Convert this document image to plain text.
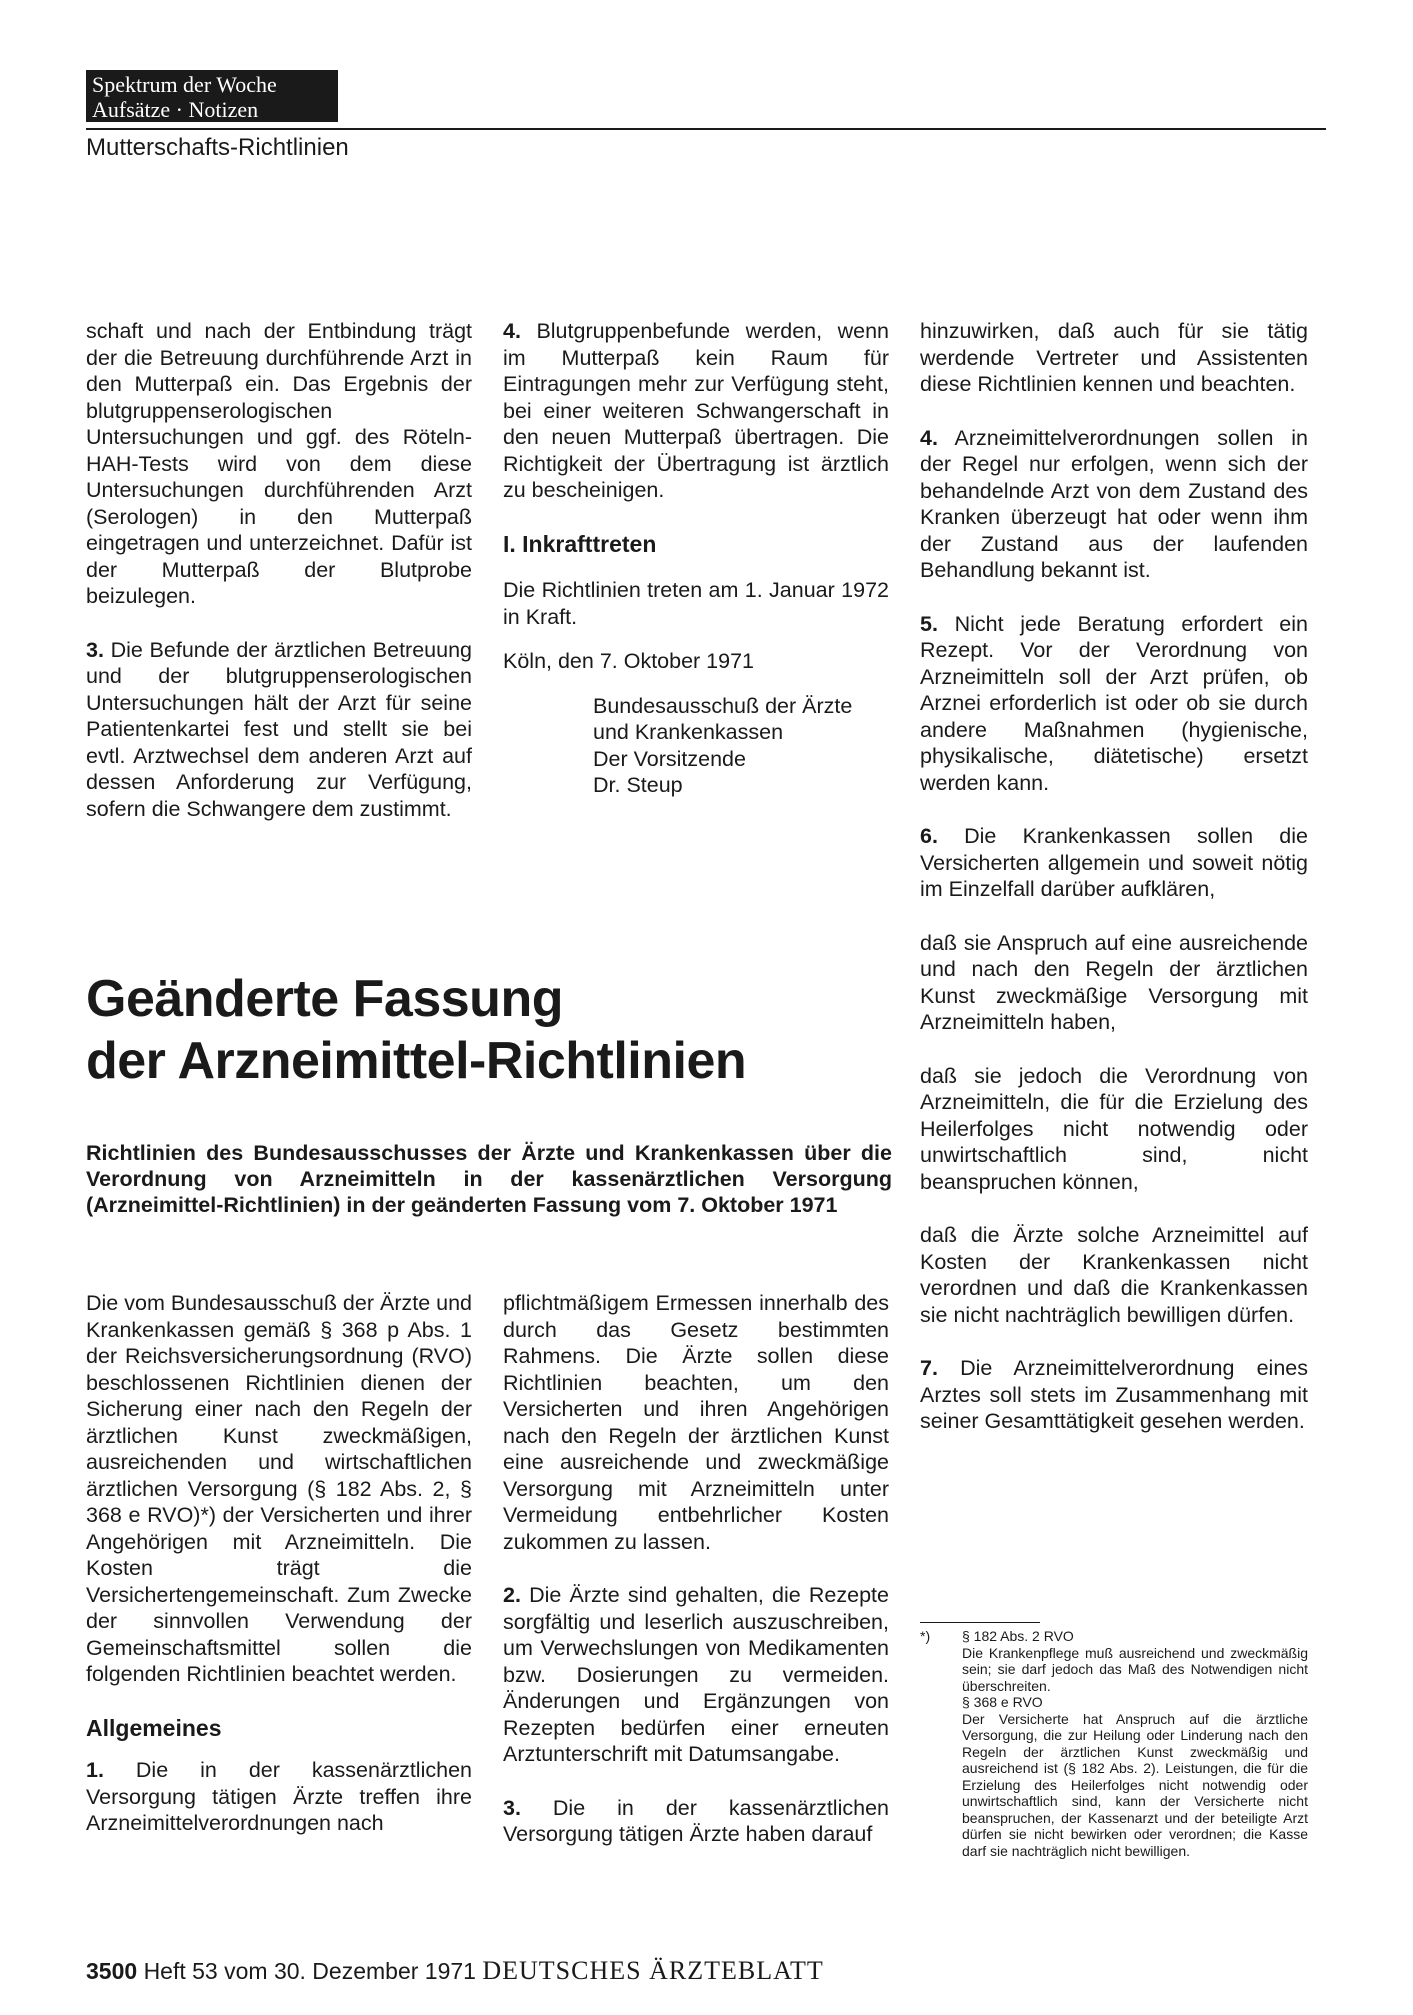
Spektrum der Woche
Aufsätze · Notizen
Mutterschafts-Richtlinien

schaft und nach der Entbindung trägt der die Betreuung durchführende Arzt in den Mutterpaß ein. Das Ergebnis der blutgruppenserologischen Untersuchungen und ggf. des Röteln-HAH-Tests wird von dem diese Untersuchungen durchführenden Arzt (Serologen) in den Mutterpaß eingetragen und unterzeichnet. Dafür ist der Mutterpaß der Blutprobe beizulegen.

3. Die Befunde der ärztlichen Betreuung und der blutgruppenserologischen Untersuchungen hält der Arzt für seine Patientenkartei fest und stellt sie bei evtl. Arztwechsel dem anderen Arzt auf dessen Anforderung zur Verfügung, sofern die Schwangere dem zustimmt.

4. Blutgruppenbefunde werden, wenn im Mutterpaß kein Raum für Eintragungen mehr zur Verfügung steht, bei einer weiteren Schwangerschaft in den neuen Mutterpaß übertragen. Die Richtigkeit der Übertragung ist ärztlich zu bescheinigen.

I. Inkrafttreten

Die Richtlinien treten am 1. Januar 1972 in Kraft.

Köln, den 7. Oktober 1971

Bundesausschuß der Ärzte
und Krankenkassen
Der Vorsitzende
Dr. Steup

hinzuwirken, daß auch für sie tätig werdende Vertreter und Assistenten diese Richtlinien kennen und beachten.

4. Arzneimittelverordnungen sollen in der Regel nur erfolgen, wenn sich der behandelnde Arzt von dem Zustand des Kranken überzeugt hat oder wenn ihm der Zustand aus der laufenden Behandlung bekannt ist.

5. Nicht jede Beratung erfordert ein Rezept. Vor der Verordnung von Arzneimitteln soll der Arzt prüfen, ob Arznei erforderlich ist oder ob sie durch andere Maßnahmen (hygienische, physikalische, diätetische) ersetzt werden kann.

6. Die Krankenkassen sollen die Versicherten allgemein und soweit nötig im Einzelfall darüber aufklären,

daß sie Anspruch auf eine ausreichende und nach den Regeln der ärztlichen Kunst zweckmäßige Versorgung mit Arzneimitteln haben,

daß sie jedoch die Verordnung von Arzneimitteln, die für die Erzielung des Heilerfolges nicht notwendig oder unwirtschaftlich sind, nicht beanspruchen können,

daß die Ärzte solche Arzneimittel auf Kosten der Krankenkassen nicht verordnen und daß die Krankenkassen sie nicht nachträglich bewilligen dürfen.

7. Die Arzneimittelverordnung eines Arztes soll stets im Zusammenhang mit seiner Gesamttätigkeit gesehen werden.

Geänderte Fassung
der Arzneimittel-Richtlinien
Richtlinien des Bundesausschusses der Ärzte und Krankenkassen über die Verordnung von Arzneimitteln in der kassenärztlichen Versorgung (Arzneimittel-Richtlinien) in der geänderten Fassung vom 7. Oktober 1971

Die vom Bundesausschuß der Ärzte und Krankenkassen gemäß § 368 p Abs. 1 der Reichsversicherungsordnung (RVO) beschlossenen Richtlinien dienen der Sicherung einer nach den Regeln der ärztlichen Kunst zweckmäßigen, ausreichenden und wirtschaftlichen ärztlichen Versorgung (§ 182 Abs. 2, § 368 e RVO)*) der Versicherten und ihrer Angehörigen mit Arzneimitteln. Die Kosten trägt die Versichertengemeinschaft. Zum Zwecke der sinnvollen Verwendung der Gemeinschaftsmittel sollen die folgenden Richtlinien beachtet werden.

Allgemeines

1. Die in der kassenärztlichen Versorgung tätigen Ärzte treffen ihre Arzneimittelverordnungen nach

pflichtmäßigem Ermessen innerhalb des durch das Gesetz bestimmten Rahmens. Die Ärzte sollen diese Richtlinien beachten, um den Versicherten und ihren Angehörigen nach den Regeln der ärztlichen Kunst eine ausreichende und zweckmäßige Versorgung mit Arzneimitteln unter Vermeidung entbehrlicher Kosten zukommen zu lassen.

2. Die Ärzte sind gehalten, die Rezepte sorgfältig und leserlich auszuschreiben, um Verwechslungen von Medikamenten bzw. Dosierungen zu vermeiden. Änderungen und Ergänzungen von Rezepten bedürfen einer erneuten Arztunterschrift mit Datumsangabe.

3. Die in der kassenärztlichen Versorgung tätigen Ärzte haben darauf

*) § 182 Abs. 2 RVO
Die Krankenpflege muß ausreichend und zweckmäßig sein; sie darf jedoch das Maß des Notwendigen nicht überschreiten.
§ 368 e RVO
Der Versicherte hat Anspruch auf die ärztliche Versorgung, die zur Heilung oder Linderung nach den Regeln der ärztlichen Kunst zweckmäßig und ausreichend ist (§ 182 Abs. 2). Leistungen, die für die Erzielung des Heilerfolges nicht notwendig oder unwirtschaftlich sind, kann der Versicherte nicht beanspruchen, der Kassenarzt und der beteiligte Arzt dürfen sie nicht bewirken oder verordnen; die Kasse darf sie nachträglich nicht bewilligen.
3500 Heft 53 vom 30. Dezember 1971 DEUTSCHES ÄRZTEBLATT
